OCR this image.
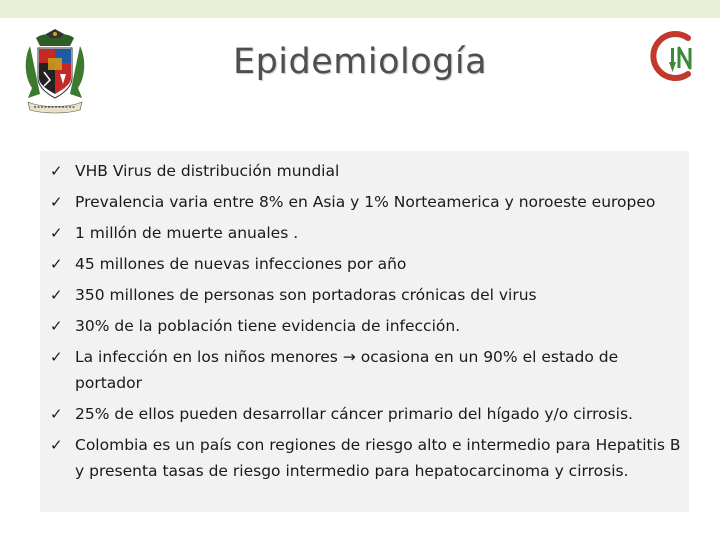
Epidemiología
✓ VHB Virus de distribución mundial
✓ Prevalencia varia entre 8% en Asia y 1% Norteamerica y noroeste europeo
✓ 1 millón de muerte anuales .
✓ 45 millones de nuevas infecciones por año
✓ 350 millones de personas son portadoras crónicas del virus
✓ 30% de la población tiene evidencia de infección.
✓ La infección en los niños menores → ocasiona en un 90% el estado de portador
✓ 25% de ellos pueden desarrollar cáncer primario del hígado y/o cirrosis.
✓ Colombia es un país con regiones de riesgo alto e intermedio para Hepatitis B y presenta tasas de riesgo intermedio para hepatocarcinoma y cirrosis.
